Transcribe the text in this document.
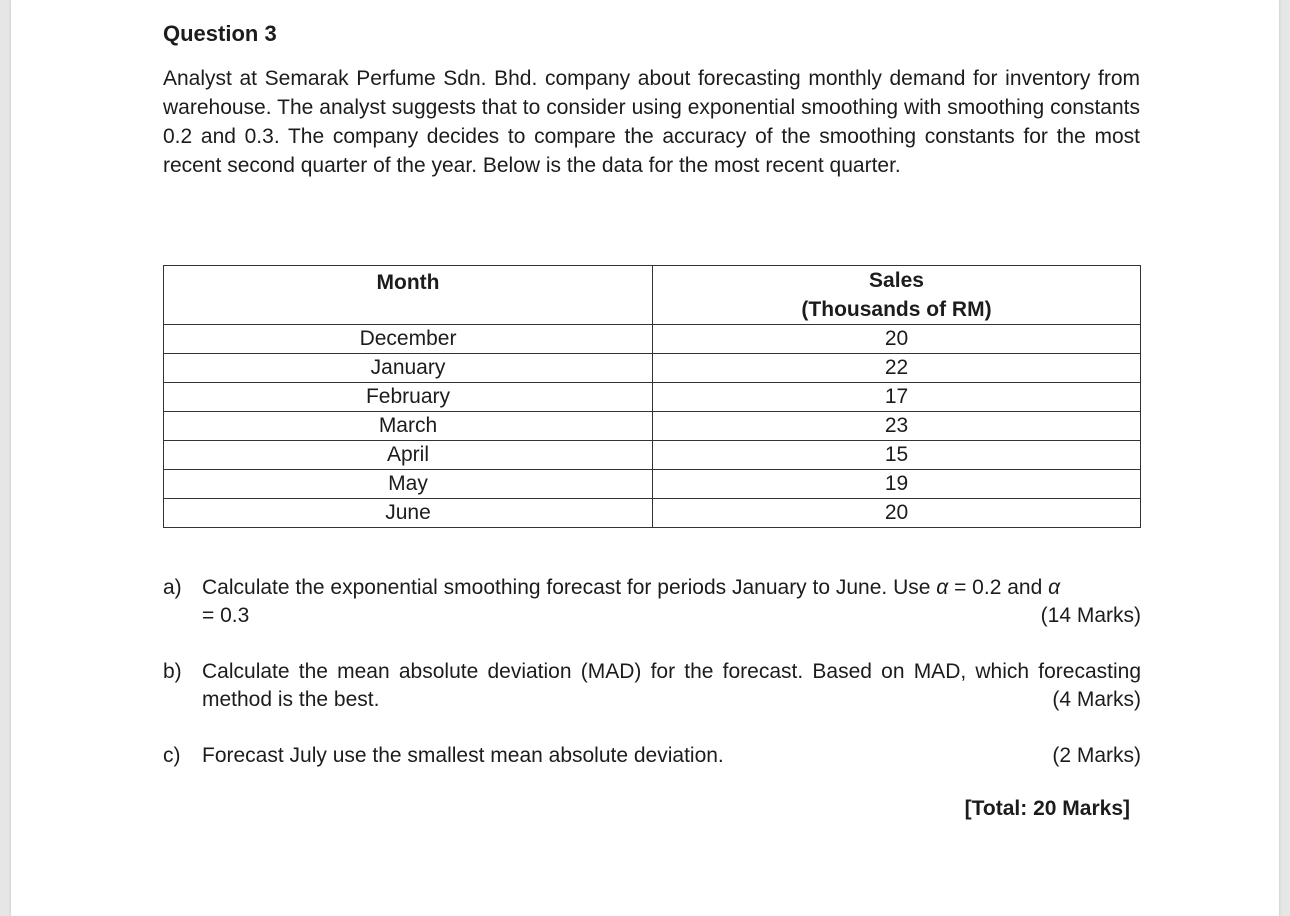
Question 3

Analyst at Semarak Perfume Sdn. Bhd. company about forecasting monthly demand for inventory from warehouse. The analyst suggests that to consider using exponential smoothing with smoothing constants 0.2 and 0.3. The company decides to compare the accuracy of the smoothing constants for the most recent second quarter of the year. Below is the data for the most recent quarter.

Month	Sales
(Thousands of RM)

December	20
January	22
February	17
March	23
April	15
May	19
June	20
a) Calculate the exponential smoothing forecast for periods January to June. Use α = 0.2 and α
= 0.3	(14 Marks)
b) Calculate the mean absolute deviation (MAD) for the forecast. Based on MAD, which forecasting method is the best.	(4 Marks)
c) Forecast July use the smallest mean absolute deviation.	(2 Marks)
[Total: 20 Marks]
